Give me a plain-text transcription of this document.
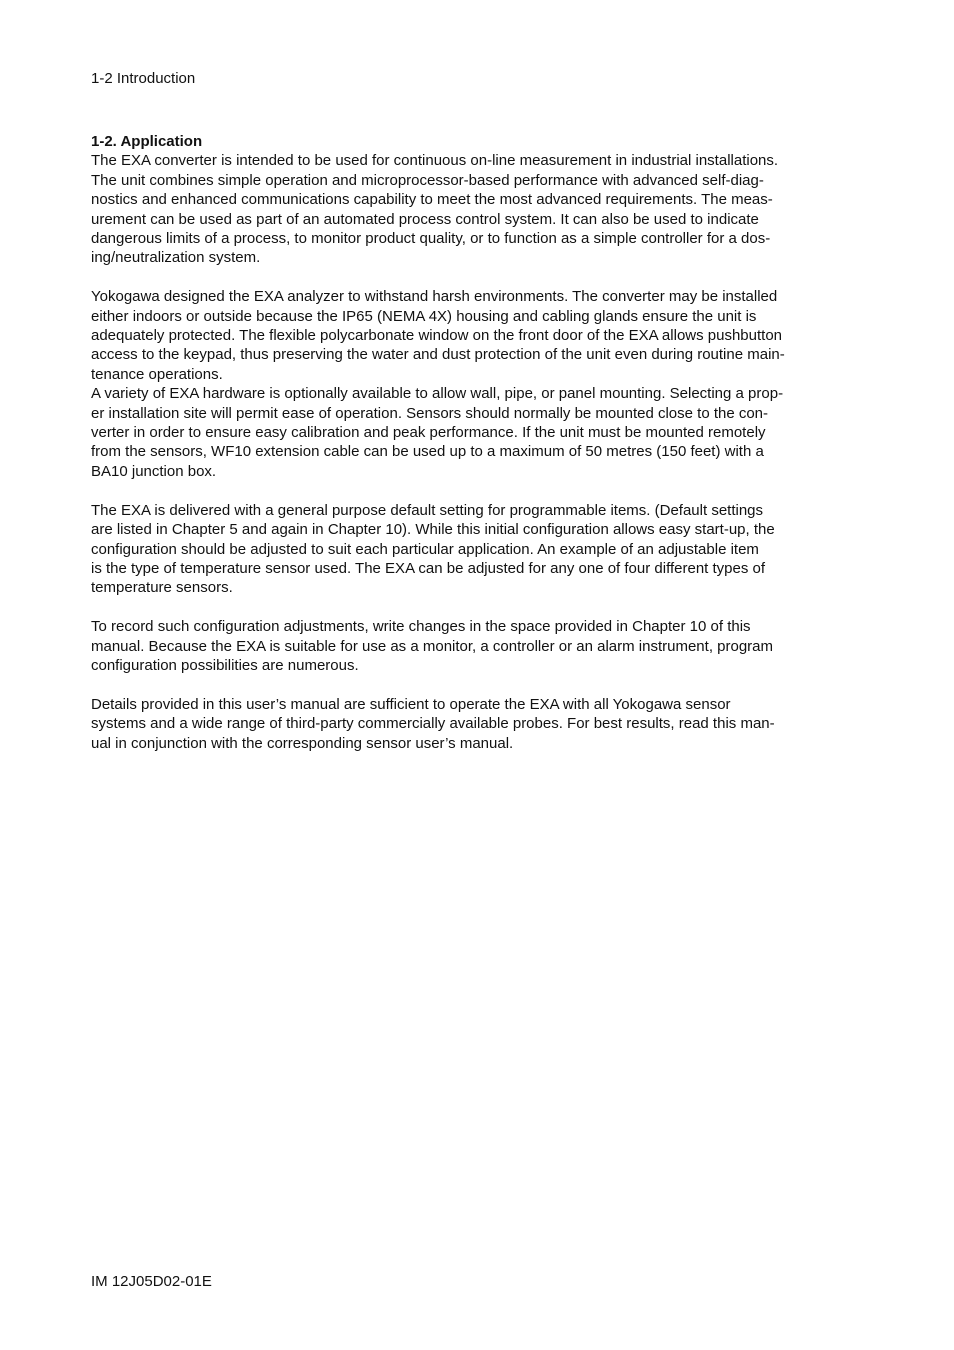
1-2 Introduction

1-2. Application

The EXA converter is intended to be used for continuous on-line measurement in industrial installations.
The unit combines simple operation and microprocessor-based performance with advanced self-diag-
nostics and enhanced communications capability to meet the most advanced requirements. The meas-
urement can be used as part of an automated process control system. It can also be used to indicate
dangerous limits of a process, to monitor product quality, or to function as a simple controller for a dos-
ing/neutralization system.

Yokogawa designed the EXA analyzer to withstand harsh environments. The converter may be installed
either indoors or outside because the IP65 (NEMA 4X) housing and cabling glands ensure the unit is
adequately protected. The flexible polycarbonate window on the front door of the EXA allows pushbutton
access to the keypad, thus preserving the water and dust protection of the unit even during routine main-
tenance operations.

A variety of EXA hardware is optionally available to allow wall, pipe, or panel mounting. Selecting a prop-
er installation site will permit ease of operation. Sensors should normally be mounted close to the con-
verter in order to ensure easy calibration and peak performance. If the unit must be mounted remotely
from the sensors, WF10 extension cable can be used up to a maximum of 50 metres (150 feet) with a
BA10 junction box.

The EXA is delivered with a general purpose default setting for programmable items. (Default settings
are listed in Chapter 5 and again in Chapter 10). While this initial configuration allows easy start-up, the
configuration should be adjusted to suit each particular application. An example of an adjustable item
is the type of temperature sensor used. The EXA can be adjusted for any one of four different types of
temperature sensors.

To record such configuration adjustments, write changes in the space provided in Chapter 10 of this
manual. Because the EXA is suitable for use as a monitor, a controller or an alarm instrument, program
configuration possibilities are numerous.

Details provided in this user’s manual are sufficient to operate the EXA with all Yokogawa sensor
systems and a wide range of third-party commercially available probes. For best results, read this man-
ual in conjunction with the corresponding sensor user’s manual.

IM 12J05D02-01E
